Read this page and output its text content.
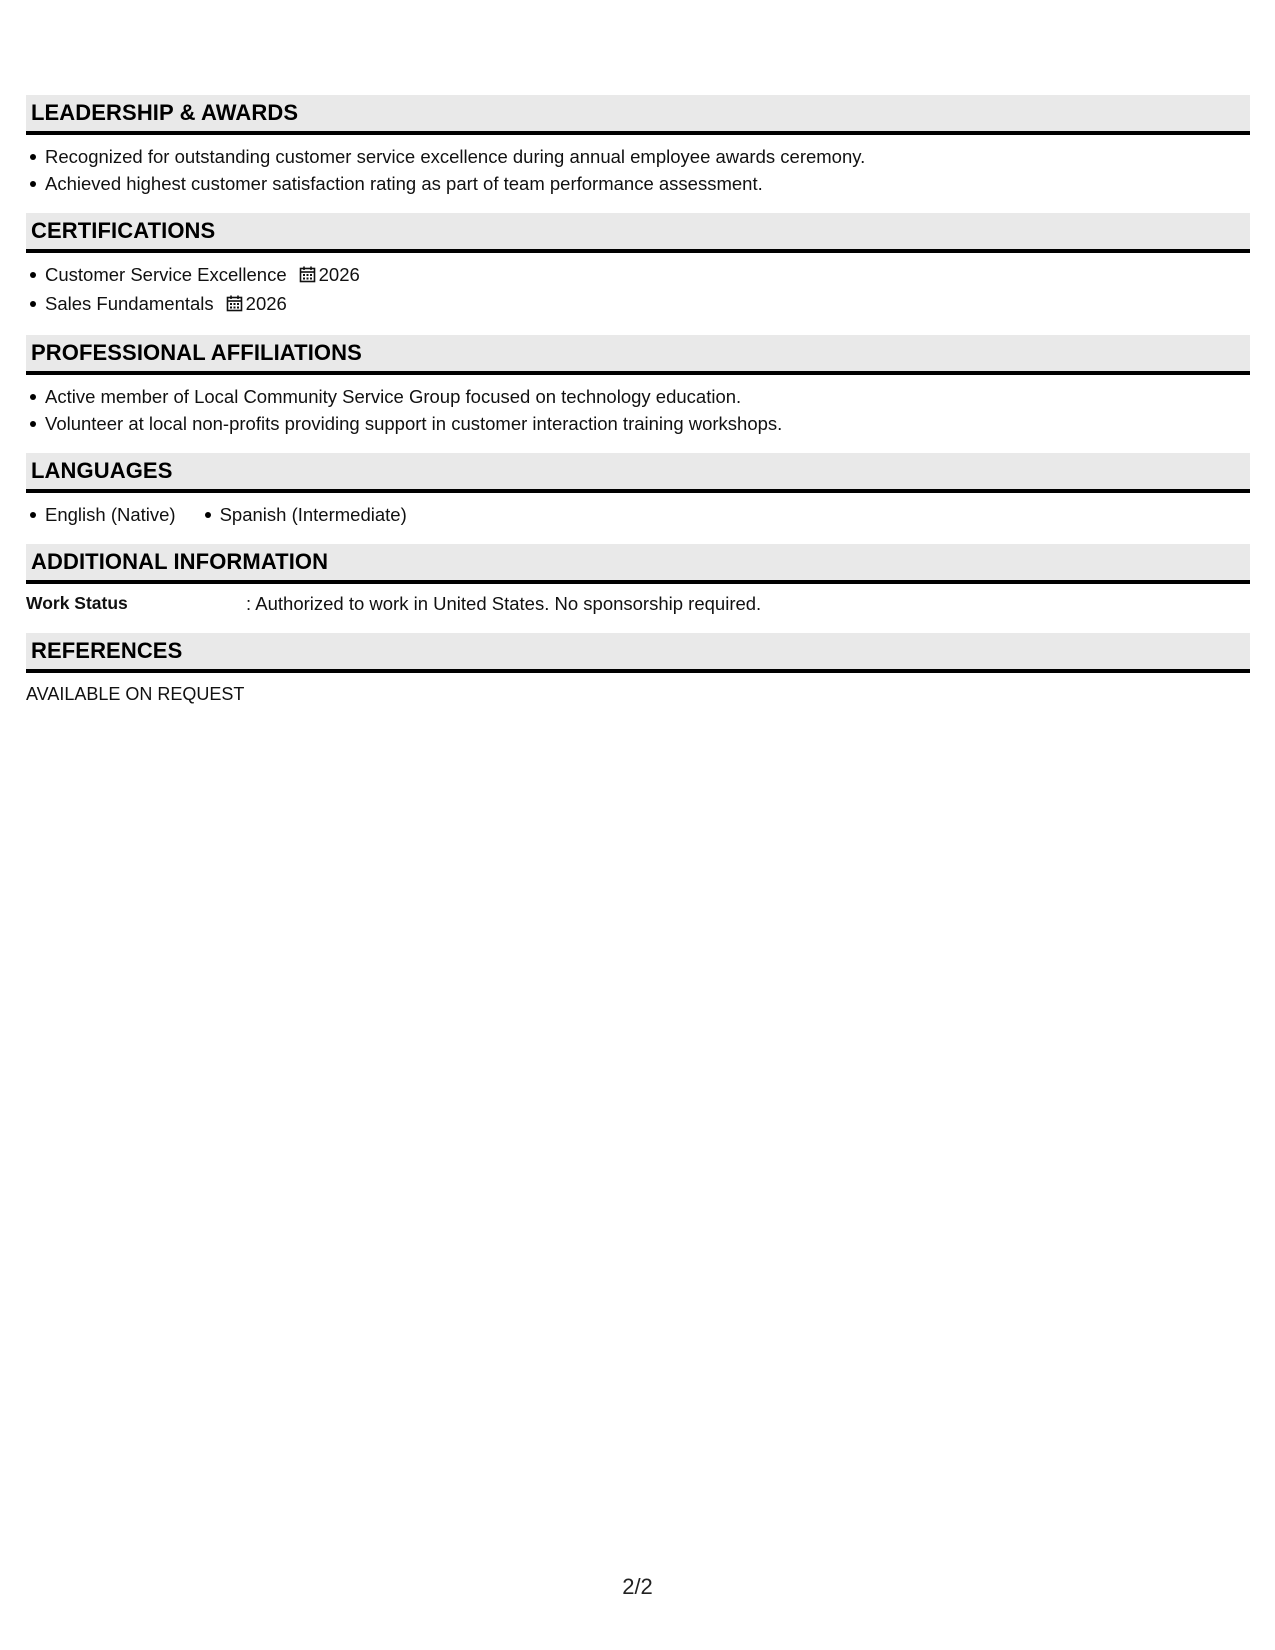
LEADERSHIP & AWARDS
Recognized for outstanding customer service excellence during annual employee awards ceremony.
Achieved highest customer satisfaction rating as part of team performance assessment.
CERTIFICATIONS
Customer Service Excellence 2026
Sales Fundamentals 2026
PROFESSIONAL AFFILIATIONS
Active member of Local Community Service Group focused on technology education.
Volunteer at local non-profits providing support in customer interaction training workshops.
LANGUAGES
English (Native) Spanish (Intermediate)
ADDITIONAL INFORMATION
Work Status	: Authorized to work in United States. No sponsorship required.
REFERENCES
AVAILABLE ON REQUEST
2/2
